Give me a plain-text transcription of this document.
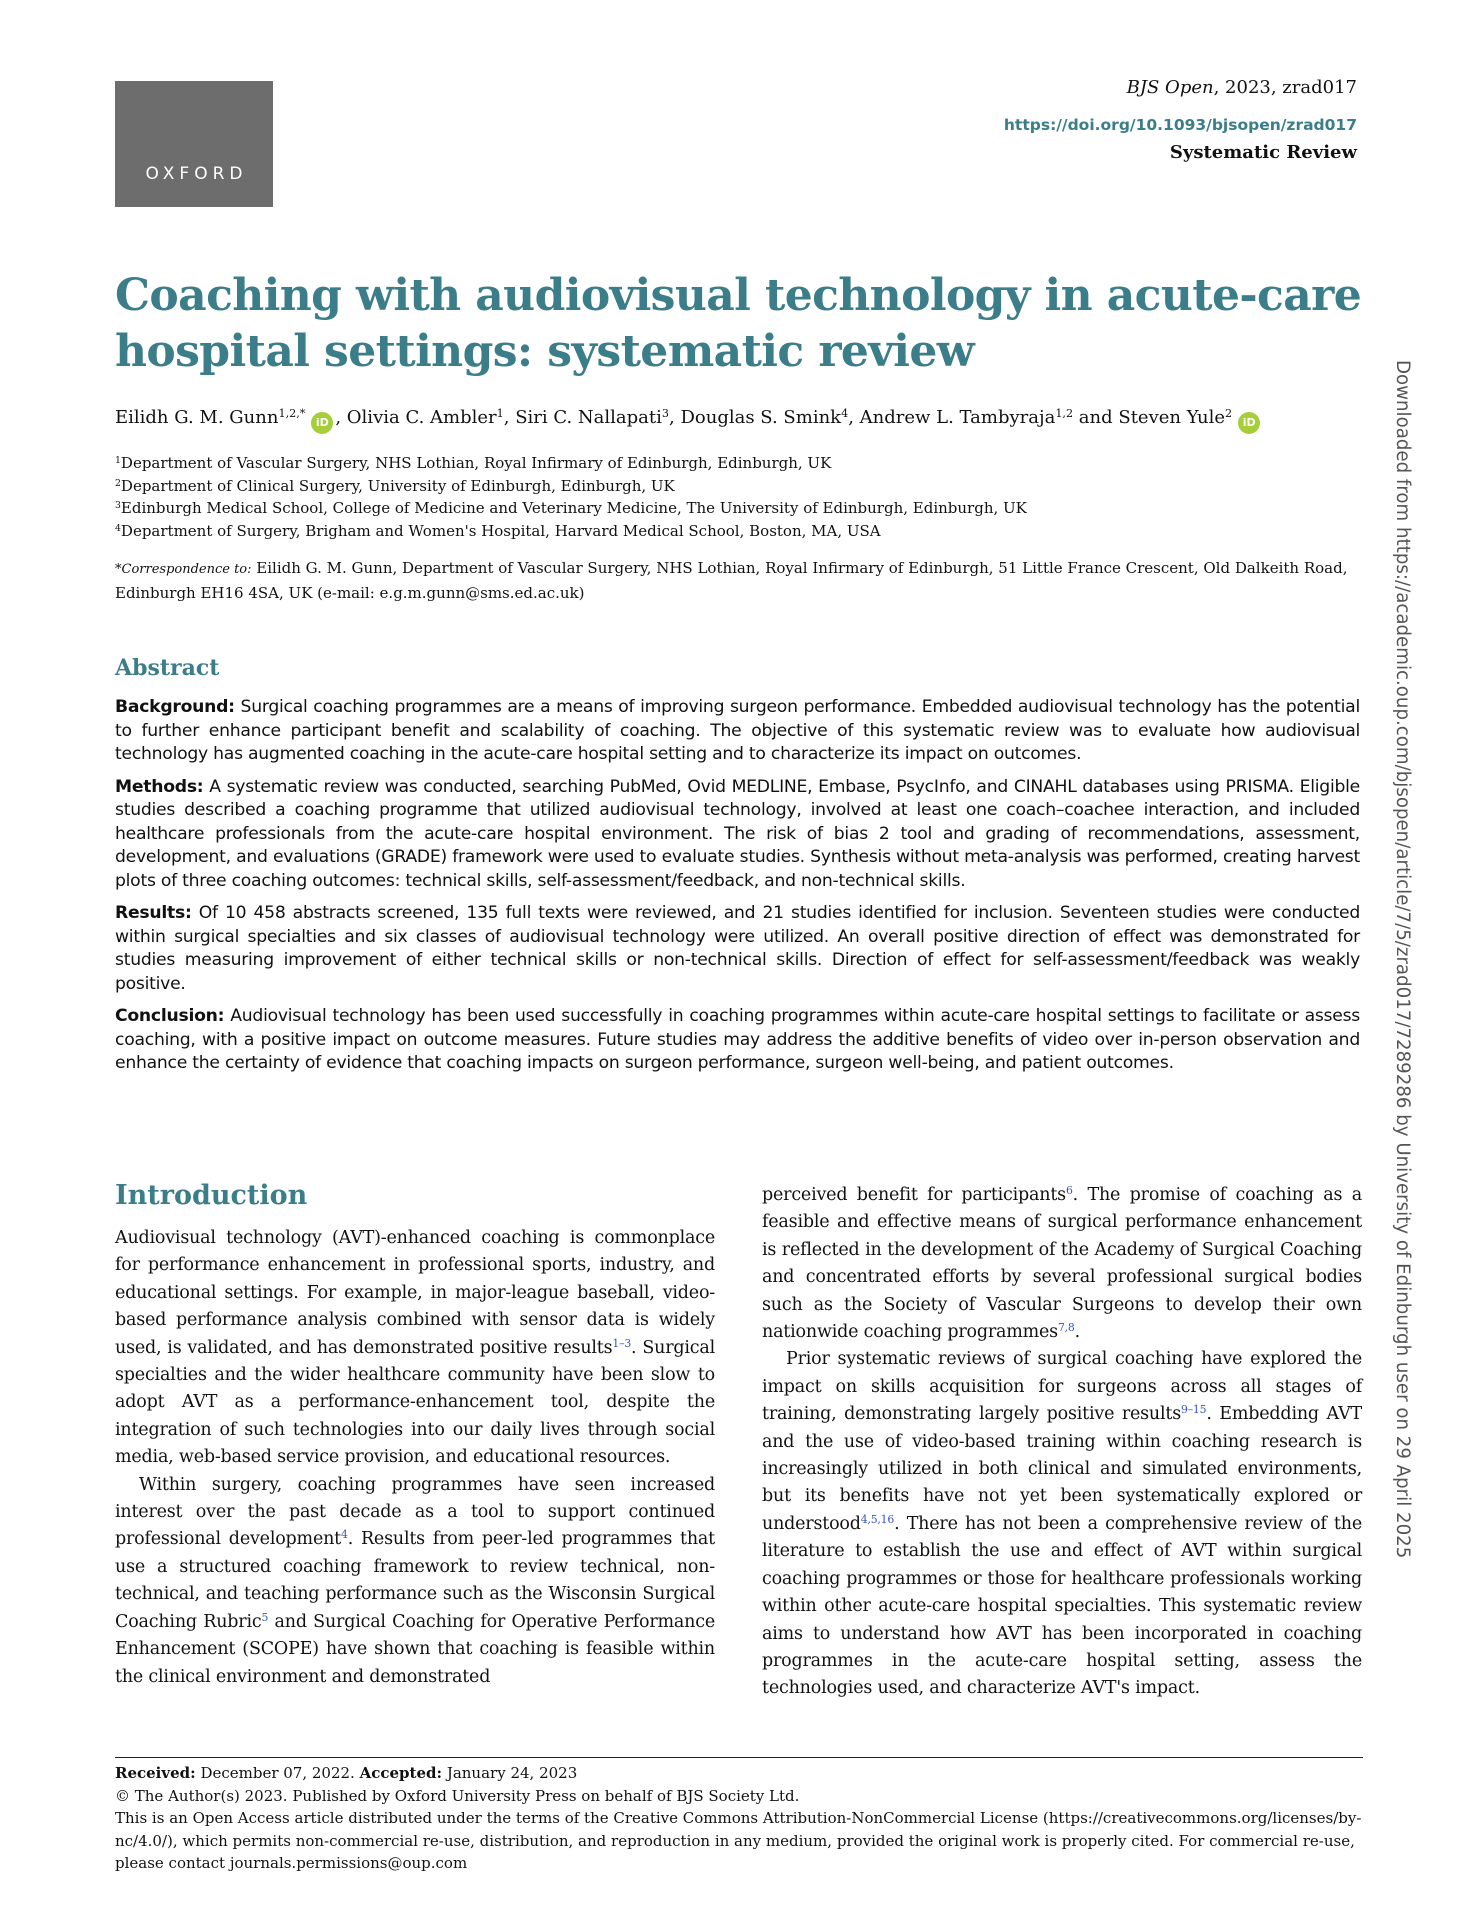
OXFORD
BJS Open, 2023, zrad017
https://doi.org/10.1093/bjsopen/zrad017
Systematic Review
Coaching with audiovisual technology in acute-care hospital settings: systematic review
Eilidh G. M. Gunn$^{1,2,*}$iD , Olivia C. Ambler$^1$, Siri C. Nallapati$^3$, Douglas S. Smink$^4$, Andrew L. Tambyraja$^{1,2}$ and Steven Yule$^2$iD
$^1$Department of Vascular Surgery, NHS Lothian, Royal Infirmary of Edinburgh, Edinburgh, UK
$^2$Department of Clinical Surgery, University of Edinburgh, Edinburgh, UK
$^3$Edinburgh Medical School, College of Medicine and Veterinary Medicine, The University of Edinburgh, Edinburgh, UK
$^4$Department of Surgery, Brigham and Women's Hospital, Harvard Medical School, Boston, MA, USA
*Correspondence to: Eilidh G. M. Gunn, Department of Vascular Surgery, NHS Lothian, Royal Infirmary of Edinburgh, 51 Little France Crescent, Old Dalkeith Road, Edinburgh EH16 4SA, UK (e-mail: e.g.m.gunn@sms.ed.ac.uk)
Abstract

Background: Surgical coaching programmes are a means of improving surgeon performance. Embedded audiovisual technology has the potential to further enhance participant benefit and scalability of coaching. The objective of this systematic review was to evaluate how audiovisual technology has augmented coaching in the acute-care hospital setting and to characterize its impact on outcomes.

Methods: A systematic review was conducted, searching PubMed, Ovid MEDLINE, Embase, PsycInfo, and CINAHL databases using PRISMA. Eligible studies described a coaching programme that utilized audiovisual technology, involved at least one coach–coachee interaction, and included healthcare professionals from the acute-care hospital environment. The risk of bias 2 tool and grading of recommendations, assessment, development, and evaluations (GRADE) framework were used to evaluate studies. Synthesis without meta-analysis was performed, creating harvest plots of three coaching outcomes: technical skills, self-assessment/feedback, and non-technical skills.

Results: Of 10 458 abstracts screened, 135 full texts were reviewed, and 21 studies identified for inclusion. Seventeen studies were conducted within surgical specialties and six classes of audiovisual technology were utilized. An overall positive direction of effect was demonstrated for studies measuring improvement of either technical skills or non-technical skills. Direction of effect for self-assessment/feedback was weakly positive.

Conclusion: Audiovisual technology has been used successfully in coaching programmes within acute-care hospital settings to facilitate or assess coaching, with a positive impact on outcome measures. Future studies may address the additive benefits of video over in-person observation and enhance the certainty of evidence that coaching impacts on surgeon performance, surgeon well-being, and patient outcomes.

Introduction

Audiovisual technology (AVT)-enhanced coaching is commonplace for performance enhancement in professional sports, industry, and educational settings. For example, in major-league baseball, video-based performance analysis combined with sensor data is widely used, is validated, and has demonstrated positive results$^{1-3}$. Surgical specialties and the wider healthcare community have been slow to adopt AVT as a performance-enhancement tool, despite the integration of such technologies into our daily lives through social media, web-based service provision, and educational resources.

Within surgery, coaching programmes have seen increased interest over the past decade as a tool to support continued professional development$^4$. Results from peer-led programmes that use a structured coaching framework to review technical, non-technical, and teaching performance such as the Wisconsin Surgical Coaching Rubric$^5$ and Surgical Coaching for Operative Performance Enhancement (SCOPE) have shown that coaching is feasible within the clinical environment and demonstrated

perceived benefit for participants$^6$. The promise of coaching as a feasible and effective means of surgical performance enhancement is reflected in the development of the Academy of Surgical Coaching and concentrated efforts by several professional surgical bodies such as the Society of Vascular Surgeons to develop their own nationwide coaching programmes$^{7,8}$.

Prior systematic reviews of surgical coaching have explored the impact on skills acquisition for surgeons across all stages of training, demonstrating largely positive results$^{9-15}$. Embedding AVT and the use of video-based training within coaching research is increasingly utilized in both clinical and simulated environments, but its benefits have not yet been systematically explored or understood$^{4,5,16}$. There has not been a comprehensive review of the literature to establish the use and effect of AVT within surgical coaching programmes or those for healthcare professionals working within other acute-care hospital specialties. This systematic review aims to understand how AVT has been incorporated in coaching programmes in the acute-care hospital setting, assess the technologies used, and characterize AVT's impact.

Received: December 07, 2022. Accepted: January 24, 2023

© The Author(s) 2023. Published by Oxford University Press on behalf of BJS Society Ltd.

This is an Open Access article distributed under the terms of the Creative Commons Attribution-NonCommercial License (https://creativecommons.org/licenses/by-nc/4.0/), which permits non-commercial re-use, distribution, and reproduction in any medium, provided the original work is properly cited. For commercial re-use, please contact journals.permissions@oup.com

Downloaded from https://academic.oup.com/bjsopen/article/7/5/zrad017/7289286 by University of Edinburgh user on 29 April 2025
